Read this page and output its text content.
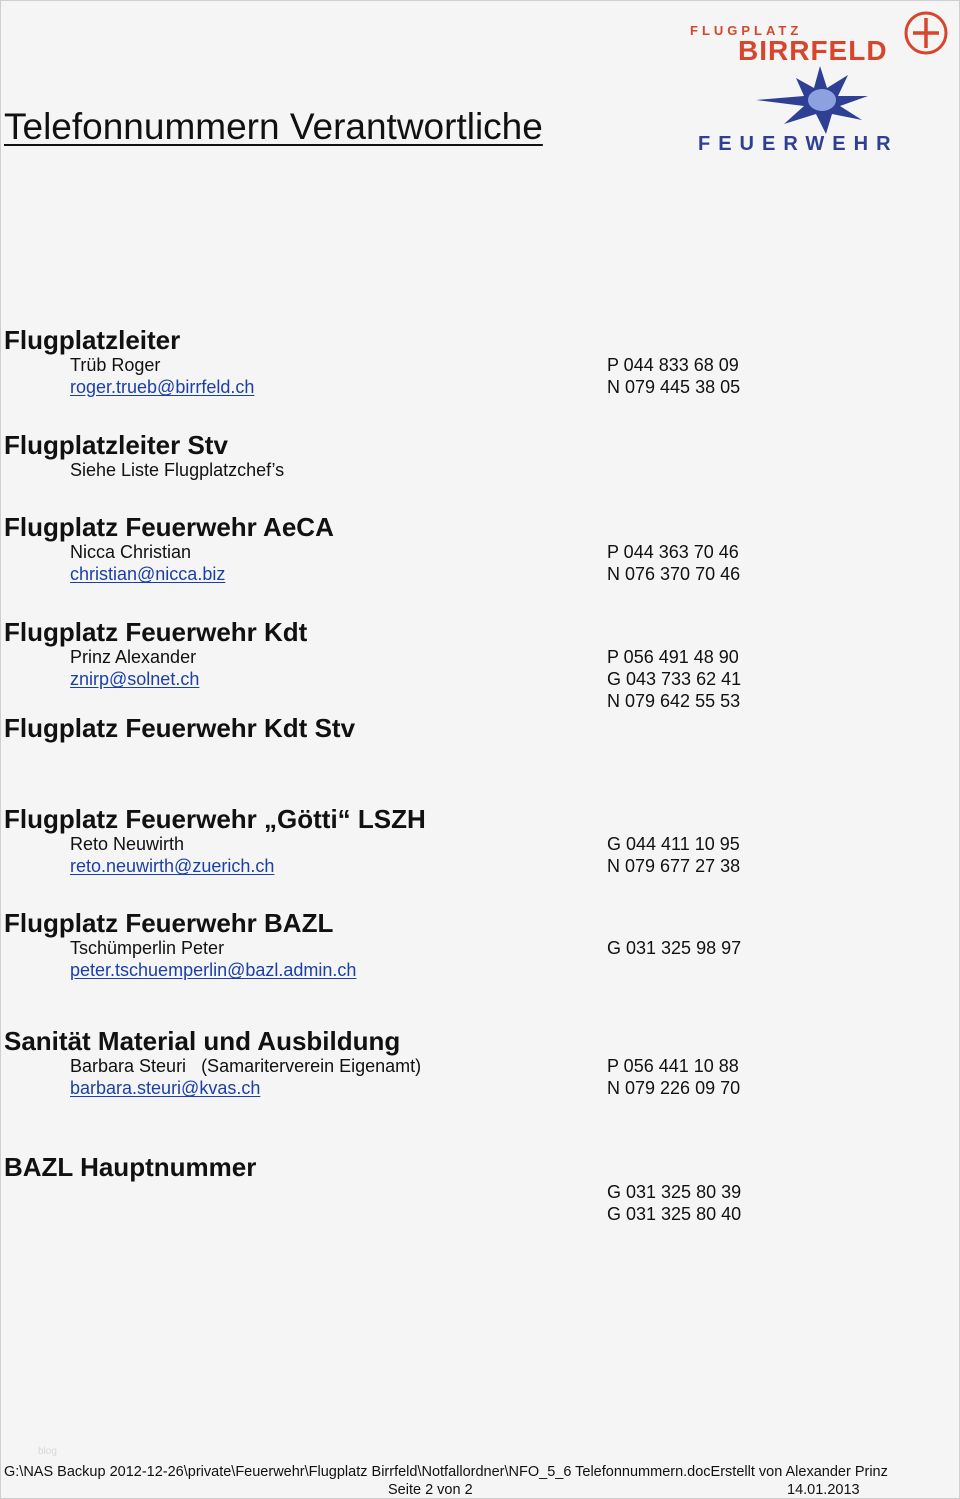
Telefonnummern Verantwortliche
FLUGPLATZ
BIRRFELD
FEUERWEHR
Flugplatzleiter
Trüb Roger
roger.trueb@birrfeld.ch
P 044 833 68 09
N 079 445 38 05
Flugplatzleiter Stv
Siehe Liste Flugplatzchef’s
Flugplatz Feuerwehr AeCA
Nicca Christian
christian@nicca.biz
P 044 363 70 46
N 076 370 70 46
Flugplatz Feuerwehr Kdt
Prinz Alexander
znirp@solnet.ch
P 056 491 48 90
G 043 733 62 41
N 079 642 55 53
Flugplatz Feuerwehr Kdt Stv
Flugplatz Feuerwehr „Götti“ LSZH
Reto Neuwirth
reto.neuwirth@zuerich.ch
G 044 411 10 95
N 079 677 27 38
Flugplatz Feuerwehr BAZL
Tschümperlin Peter
peter.tschuemperlin@bazl.admin.ch
G 031 325 98 97
Sanität Material und Ausbildung
Barbara Steuri   (Samariterverein Eigenamt)
barbara.steuri@kvas.ch
P 056 441 10 88
N 079 226 09 70
BAZL Hauptnummer
G 031 325 80 39
G 031 325 80 40
blog
G:\NAS Backup 2012-12-26\private\Feuerwehr\Flugplatz Birrfeld\Notfallordner\NFO_5_6 Telefonnummern.docErstellt von Alexander Prinz
Seite 2 von 2	14.01.2013
